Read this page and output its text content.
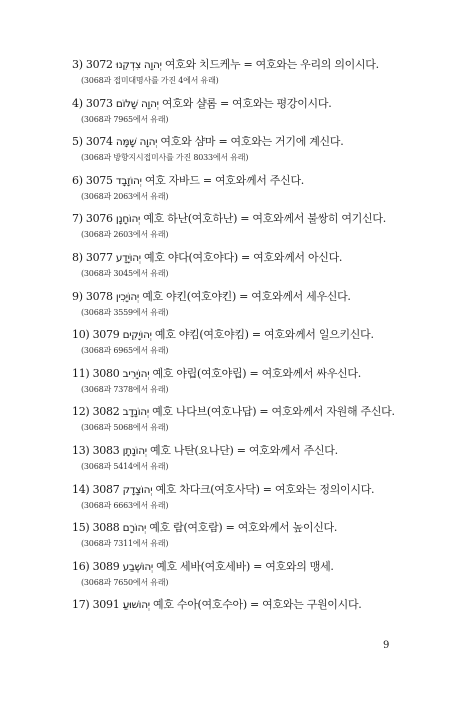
3) 3072 יְהוָה צִדְקֵנוּ 여호와 치드케누 = 여호와는 우리의 의이시다.
(3068과 접미대명사를 가진 4에서 유래)
4) 3073 יְהוָה שָׁלוֹם 여호와 샬롬 = 여호와는 평강이시다.
(3068과 7965에서 유래)
5) 3074 יְהוָה שָׁמָּה 여호와 샴마 = 여호와는 거기에 계신다.
(3068과 방향지시접미사를 가진 8033에서 유래)
6) 3075 יְהוֹזָבָד 여호 자바드 = 여호와께서 주신다.
(3068과 2063에서 유래)
7) 3076 יְהוֹחָנָן 예호 하난(여호하난) = 여호와께서 불쌍히 여기신다.
(3068과 2603에서 유래)
8) 3077 יְהוֹיָדָע 예호 야다(여호야다) = 여호와께서 아신다.
(3068과 3045에서 유래)
9) 3078 יְהוֹיָכִין 예호 야킨(여호야킨) = 여호와께서 세우신다.
(3068과 3559에서 유래)
10) 3079 יְהוֹיָקִים 예호 야킴(여호야킴) = 여호와께서 일으키신다.
(3068과 6965에서 유래)
11) 3080 יְהוֹיָרִיב 예호 야립(여호야립) = 여호와께서 싸우신다.
(3068과 7378에서 유래)
12) 3082 יְהוֹנָדָב 예호 나다브(여호나답) = 여호와께서 자원해 주신다.
(3068과 5068에서 유래)
13) 3083 יְהוֹנָתָן 예호 나탄(요나단) = 여호와께서 주신다.
(3068과 5414에서 유래)
14) 3087 יְהוֹצָדָק 예호 차다크(여호사닥) = 여호와는 정의이시다.
(3068과 6663에서 유래)
15) 3088 יְהוֹרָם 예호 람(여호람) = 여호와께서 높이신다.
(3068과 7311에서 유래)
16) 3089 יְהוֹשֶׁבַע 예호 세바(여호세바) = 여호와의 맹세.
(3068과 7650에서 유래)
17) 3091 יְהוֹשׁוּעַ 예호 수아(여호수아) = 여호와는 구원이시다.
9
